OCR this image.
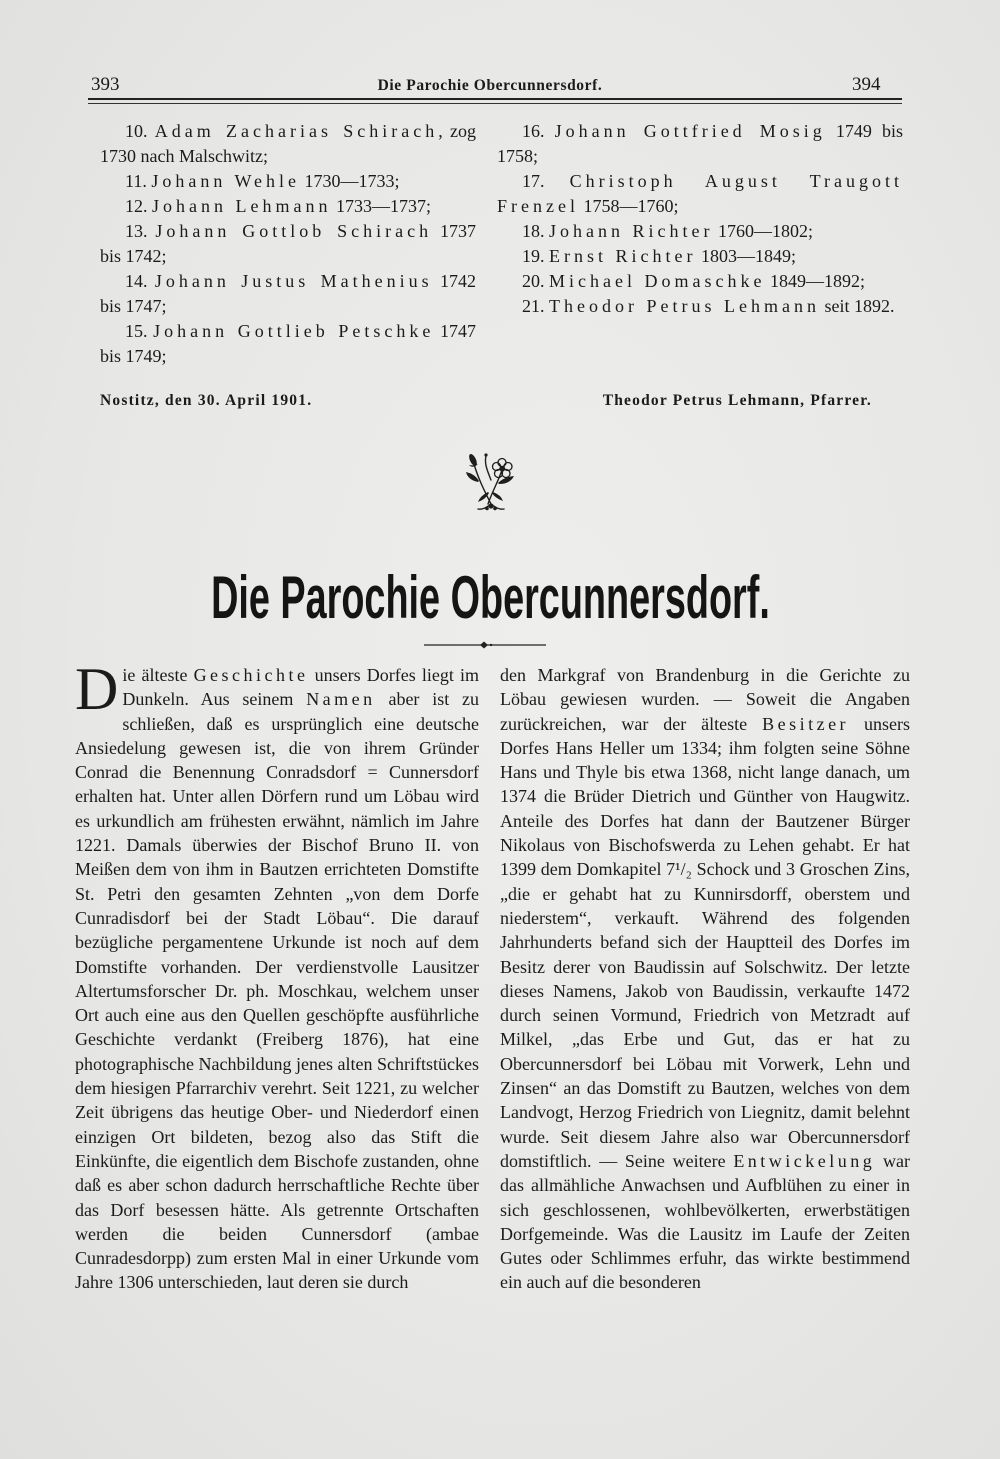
393	Die Parochie Obercunnersdorf.	394
10. Adam Zacharias Schirach, zog 1730 nach Malschwitz;
11. Johann Wehle 1730—1733;
12. Johann Lehmann 1733—1737;
13. Johann Gottlob Schirach 1737 bis 1742;
14. Johann Justus Mathenius 1742 bis 1747;
15. Johann Gottlieb Petschke 1747 bis 1749;
16. Johann Gottfried Mosig 1749 bis 1758;
17. Christoph August Traugott Frenzel 1758—1760;
18. Johann Richter 1760—1802;
19. Ernst Richter 1803—1849;
20. Michael Domaschke 1849—1892;
21. Theodor Petrus Lehmann seit 1892.
Nostitz, den 30. April 1901.	Theodor Petrus Lehmann, Pfarrer.
Die Parochie Obercunnersdorf.

Die älteste Geschichte unsers Dorfes liegt im Dunkeln. Aus seinem Namen aber ist zu schließen, daß es ursprünglich eine deutsche Ansiedelung gewesen ist, die von ihrem Gründer Conrad die Benennung Conradsdorf = Cunnersdorf erhalten hat. Unter allen Dörfern rund um Löbau wird es urkundlich am frühesten erwähnt, nämlich im Jahre 1221. Damals überwies der Bischof Bruno II. von Meißen dem von ihm in Bautzen errichteten Domstifte St. Petri den gesamten Zehnten „von dem Dorfe Cunradisdorf bei der Stadt Löbau“. Die darauf bezügliche pergamentene Urkunde ist noch auf dem Domstifte vorhanden. Der verdienstvolle Lausitzer Altertumsforscher Dr. ph. Moschkau, welchem unser Ort auch eine aus den Quellen geschöpfte ausführliche Geschichte verdankt (Freiberg 1876), hat eine photographische Nachbildung jenes alten Schriftstückes dem hiesigen Pfarrarchiv verehrt. Seit 1221, zu welcher Zeit übrigens das heutige Ober- und Niederdorf einen einzigen Ort bildeten, bezog also das Stift die Einkünfte, die eigentlich dem Bischofe zustanden, ohne daß es aber schon dadurch herrschaftliche Rechte über das Dorf besessen hätte. Als getrennte Ortschaften werden die beiden Cunnersdorf (ambae Cunradesdorpp) zum ersten Mal in einer Urkunde vom Jahre 1306 unterschieden, laut deren sie durch

den Markgraf von Brandenburg in die Gerichte zu Löbau gewiesen wurden. — Soweit die Angaben zurückreichen, war der älteste Besitzer unsers Dorfes Hans Heller um 1334; ihm folgten seine Söhne Hans und Thyle bis etwa 1368, nicht lange danach, um 1374 die Brüder Dietrich und Günther von Haugwitz. Anteile des Dorfes hat dann der Bautzener Bürger Nikolaus von Bischofswerda zu Lehen gehabt. Er hat 1399 dem Domkapitel 7¹/₂ Schock und 3 Groschen Zins, „die er gehabt hat zu Kunnirsdorff, oberstem und niederstem“, verkauft. Während des folgenden Jahrhunderts befand sich der Hauptteil des Dorfes im Besitz derer von Baudissin auf Solschwitz. Der letzte dieses Namens, Jakob von Baudissin, verkaufte 1472 durch seinen Vormund, Friedrich von Metzradt auf Milkel, „das Erbe und Gut, das er hat zu Obercunnersdorf bei Löbau mit Vorwerk, Lehn und Zinsen“ an das Domstift zu Bautzen, welches von dem Landvogt, Herzog Friedrich von Liegnitz, damit belehnt wurde. Seit diesem Jahre also war Obercunnersdorf domstiftlich. — Seine weitere Entwickelung war das allmähliche Anwachsen und Aufblühen zu einer in sich geschlossenen, wohlbevölkerten, erwerbstätigen Dorfgemeinde. Was die Lausitz im Laufe der Zeiten Gutes oder Schlimmes erfuhr, das wirkte bestimmend ein auch auf die besonderen
